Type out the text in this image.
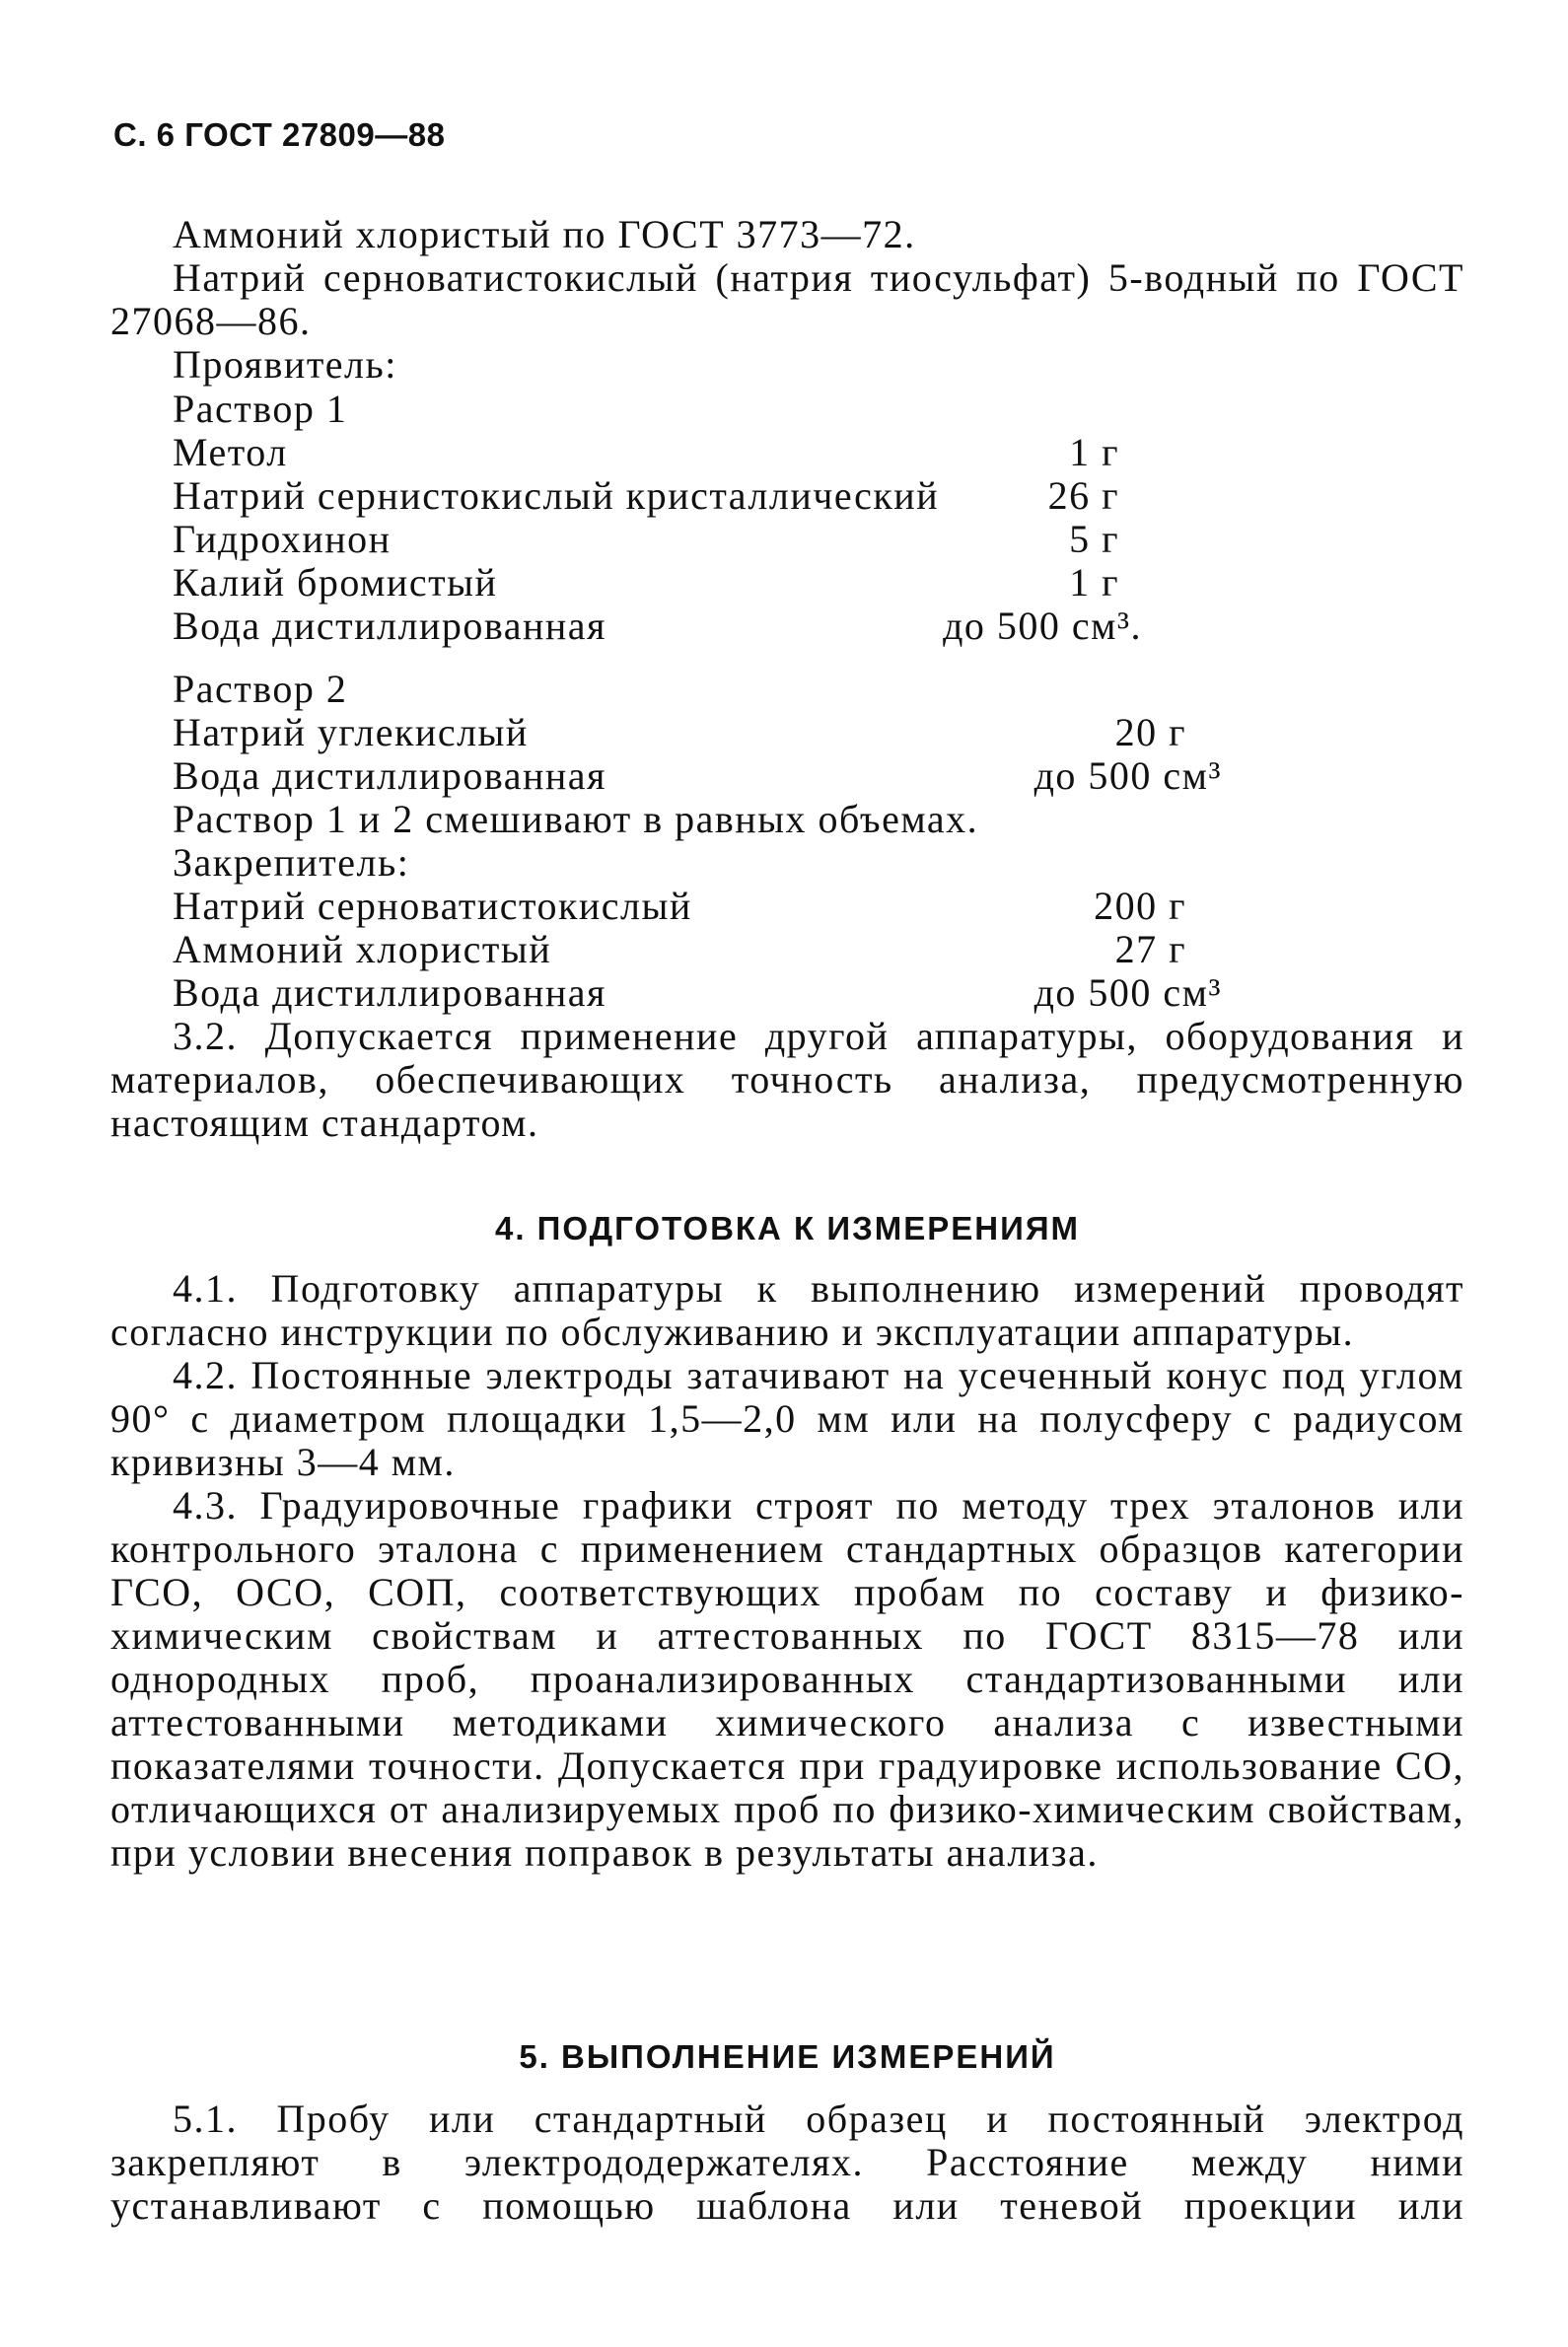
С. 6 ГОСТ 27809—88

Аммоний хлористый по ГОСТ 3773—72.

Натрий серноватистокислый (натрия тиосульфат) 5-водный по ГОСТ 27068—86.

Проявитель:

Раствор 1

Метол	1 г
Натрий сернистокислый кристаллический	26 г
Гидрохинон	5 г
Калий бромистый	1 г
Вода дистиллированная	до 500 см³.

Раствор 2

Натрий углекислый	20 г
Вода дистиллированная	до 500 см³

Раствор 1 и 2 смешивают в равных объемах.

Закрепитель:

Натрий серноватистокислый	200 г
Аммоний хлористый	27 г
Вода дистиллированная	до 500 см³

3.2. Допускается применение другой аппаратуры, оборудования и материалов, обеспечивающих точность анализа, предусмотренную настоящим стандартом.

4. ПОДГОТОВКА К ИЗМЕРЕНИЯМ

4.1. Подготовку аппаратуры к выполнению измерений проводят согласно инструкции по обслуживанию и эксплуатации аппаратуры.

4.2. Постоянные электроды затачивают на усеченный конус под углом 90° с диаметром площадки 1,5—2,0 мм или на полусферу с радиусом кривизны 3—4 мм.

4.3. Градуировочные графики строят по методу трех эталонов или контрольного эталона с применением стандартных образцов категории ГСО, ОСО, СОП, соответствующих пробам по составу и физико-химическим свойствам и аттестованных по ГОСТ 8315—78 или однородных проб, проанализированных стандартизованными или аттестованными методиками химического анализа с известными показателями точности. Допускается при градуировке использование СО, отличающихся от анализируемых проб по физико-химическим свойствам, при условии внесения поправок в результаты анализа.

5. ВЫПОЛНЕНИЕ ИЗМЕРЕНИЙ

5.1. Пробу или стандартный образец и постоянный электрод закрепляют в электрододержателях. Расстояние между ними устанавливают с помощью шаблона или теневой проекции или
